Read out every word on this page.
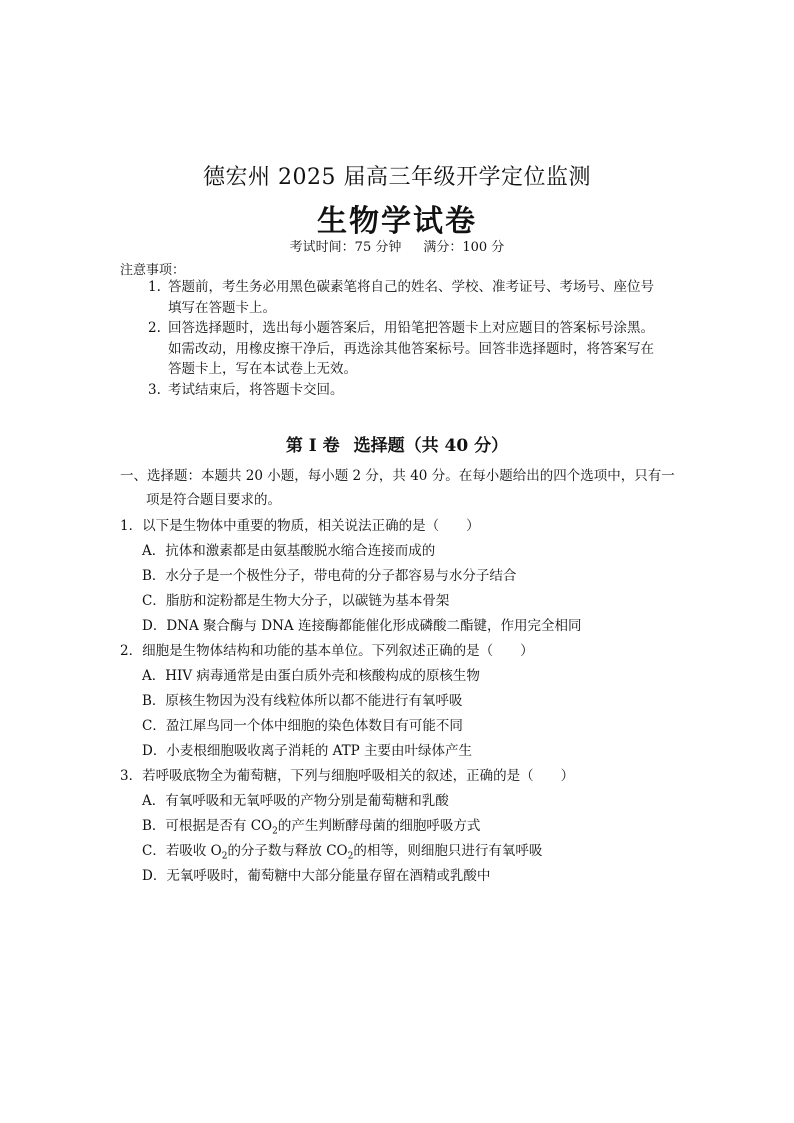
德宏州 2025 届高三年级开学定位监测
生物学试卷
考试时间：75 分钟 满分：100 分
注意事项：
1. 答题前，考生务必用黑色碳素笔将自己的姓名、学校、准考证号、考场号、座位号
填写在答题卡上。
2. 回答选择题时，选出每小题答案后，用铅笔把答题卡上对应题目的答案标号涂黑。
如需改动，用橡皮擦干净后，再选涂其他答案标号。回答非选择题时，将答案写在
答题卡上，写在本试卷上无效。
3. 考试结束后，将答题卡交回。
第 I 卷 选择题（共 40 分）
一、选择题：本题共 20 小题，每小题 2 分，共 40 分。在每小题给出的四个选项中，只有一
项是符合题目要求的。
1．以下是生物体中重要的物质，相关说法正确的是（　　）
A．抗体和激素都是由氨基酸脱水缩合连接而成的
B．水分子是一个极性分子，带电荷的分子都容易与水分子结合
C．脂肪和淀粉都是生物大分子，以碳链为基本骨架
D．DNA 聚合酶与 DNA 连接酶都能催化形成磷酸二酯键，作用完全相同
2．细胞是生物体结构和功能的基本单位。下列叙述正确的是（　　）
A．HIV 病毒通常是由蛋白质外壳和核酸构成的原核生物
B．原核生物因为没有线粒体所以都不能进行有氧呼吸
C．盈江犀鸟同一个体中细胞的染色体数目有可能不同
D．小麦根细胞吸收离子消耗的 ATP 主要由叶绿体产生
3．若呼吸底物全为葡萄糖，下列与细胞呼吸相关的叙述，正确的是（　　）
A．有氧呼吸和无氧呼吸的产物分别是葡萄糖和乳酸
B．可根据是否有 $CO_2$的产生判断酵母菌的细胞呼吸方式
C．若吸收 $O_2$的分子数与释放 $CO_2$的相等，则细胞只进行有氧呼吸
D．无氧呼吸时，葡萄糖中大部分能量存留在酒精或乳酸中
